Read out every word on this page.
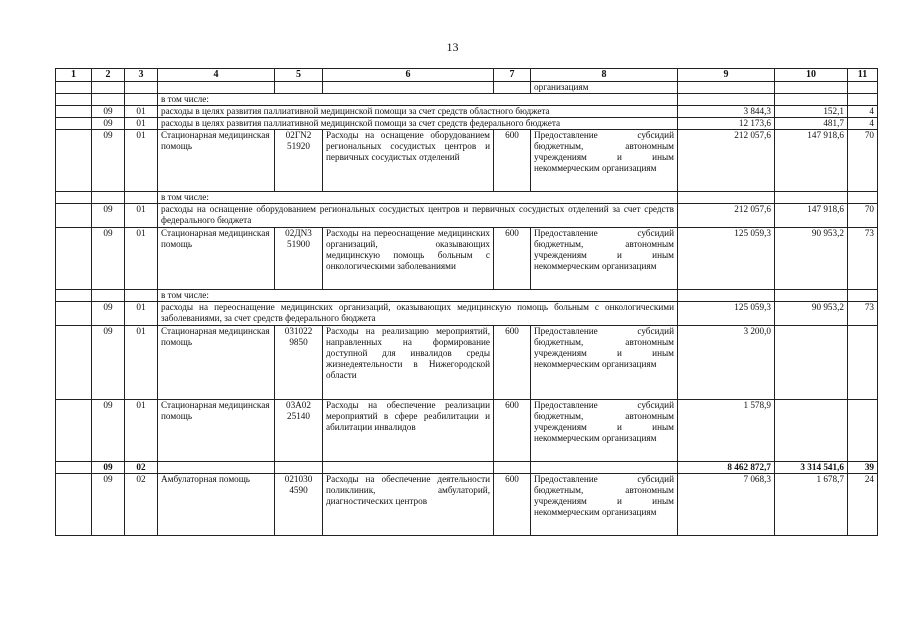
13
1	2	3	4	5	6	7	8	9	10	11
							организациям			
			в том числе:							
	09	01	расходы в целях развития паллиативной медицинской помощи за счет средств областного бюджета					3 844,3	152,1	4
	09	01	расходы в целях развития паллиативной медицинской помощи за счет средств федерального бюджета					12 173,6	481,7	4
	09	01	Стационарная медицинская помощь	02ГN2 51920	Расходы на оснащение оборудованием региональных сосудистых центров и первичных сосудистых отделений	600	Предоставление субсидий бюджетным, автономным учреждениям и иным некоммерческим организациям	212 057,6	147 918,6	70
			в том числе:							
	09	01	расходы на оснащение оборудованием региональных сосудистых центров и первичных сосудистых отделений за счет средств федерального бюджета					212 057,6	147 918,6	70
	09	01	Стационарная медицинская помощь	02ДN3 51900	Расходы на переоснащение медицинских организаций, оказывающих медицинскую помощь больным с онкологическими заболеваниями	600	Предоставление субсидий бюджетным, автономным учреждениям и иным некоммерческим организациям	125 059,3	90 953,2	73
			в том числе:							
	09	01	расходы на переоснащение медицинских организаций, оказывающих медицинскую помощь больным с онкологическими заболеваниями, за счет средств федерального бюджета					125 059,3	90 953,2	73
	09	01	Стационарная медицинская помощь	031022 9850	Расходы на реализацию мероприятий, направленных на формирование доступной для инвалидов среды жизнедеятельности в Нижегородской области	600	Предоставление субсидий бюджетным, автономным учреждениям и иным некоммерческим организациям	3 200,0		
	09	01	Стационарная медицинская помощь	03А02 25140	Расходы на обеспечение реализации мероприятий в сфере реабилитации и абилитации инвалидов	600	Предоставление субсидий бюджетным, автономным учреждениям и иным некоммерческим организациям	1 578,9		
	09	02						8 462 872,7	3 314 541,6	39
	09	02	Амбулаторная помощь	021030 4590	Расходы на обеспечение деятельности поликлиник, амбулаторий, диагностических центров	600	Предоставление субсидий бюджетным, автономным учреждениям и иным некоммерческим организациям	7 068,3	1 678,7	24
